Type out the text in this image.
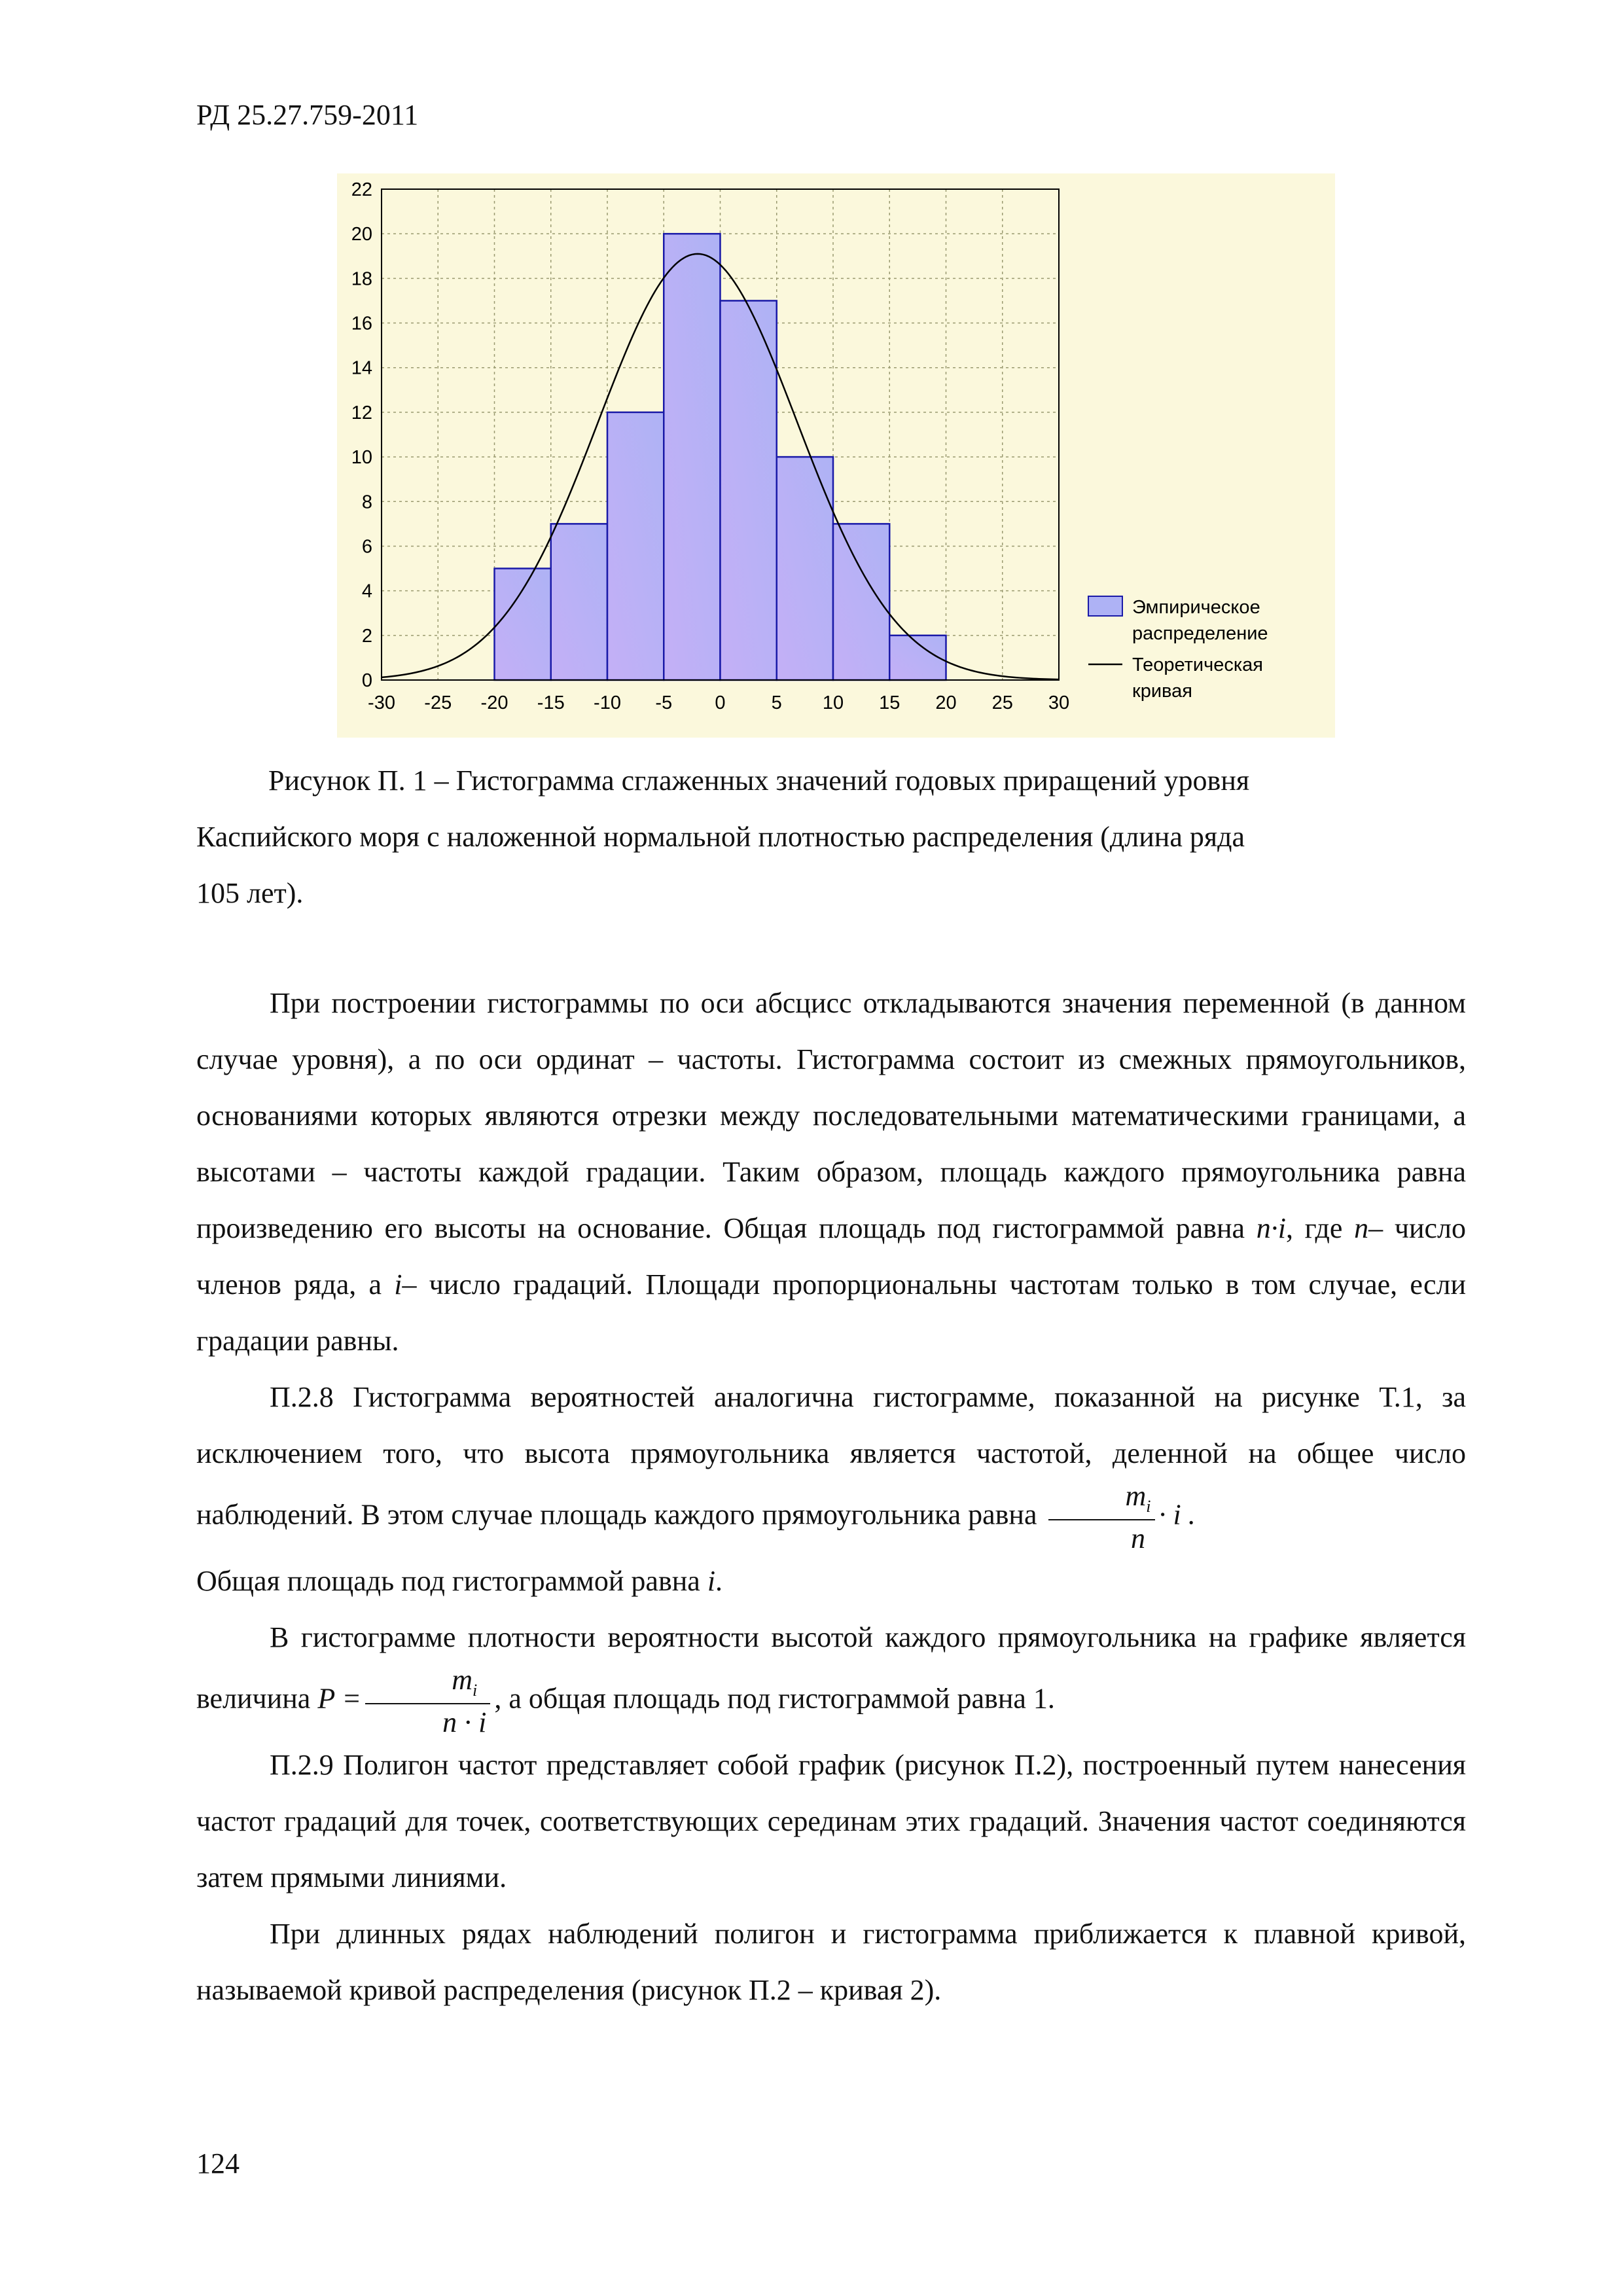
РД 25.27.759-2011
-30 -25 -20 -15 -10 -5 0 5 10 15 20 25 30
0
2
4
6
8
10
12
14
16
18
20
22
Эмпирическое
распределение
Теоретическая
кривая
Рисунок П. 1 – Гистограмма сглаженных значений годовых приращений уровня
Каспийского моря с наложенной нормальной плотностью распределения (длина ряда
105 лет).

При построении гистограммы по оси абсцисс откладываются значения переменной (в данном случае уровня), а по оси ординат – частоты. Гистограмма состоит из смежных прямоугольников, основаниями которых являются отрезки между последовательными математическими границами, а высотами – частоты каждой градации. Таким образом, площадь каждого прямоугольника равна произведению его высоты на основание. Общая площадь под гистограммой равна n·i, где n– число членов ряда, а i– число градаций. Площади пропорциональны частотам только в том случае, если градации равны.

П.2.8 Гистограмма вероятностей аналогична гистограмме, показанной на рисунке Т.1, за исключением того, что высота прямоугольника является частотой, деленной на общее число наблюдений. В этом случае площадь каждого прямоугольника равна $\frac{m_i}{n} \cdot i$ .

Общая площадь под гистограммой равна i.

В гистограмме плотности вероятности высотой каждого прямоугольника на графике является величина $P = \frac{m_i}{n \cdot i}$ , а общая площадь под гистограммой равна 1.

П.2.9 Полигон частот представляет собой график (рисунок П.2), построенный путем нанесения частот градаций для точек, соответствующих серединам этих градаций. Значения частот соединяются затем прямыми линиями.

При длинных рядах наблюдений полигон и гистограмма приближается к плавной кривой, называемой кривой распределения (рисунок П.2 – кривая 2).

124
